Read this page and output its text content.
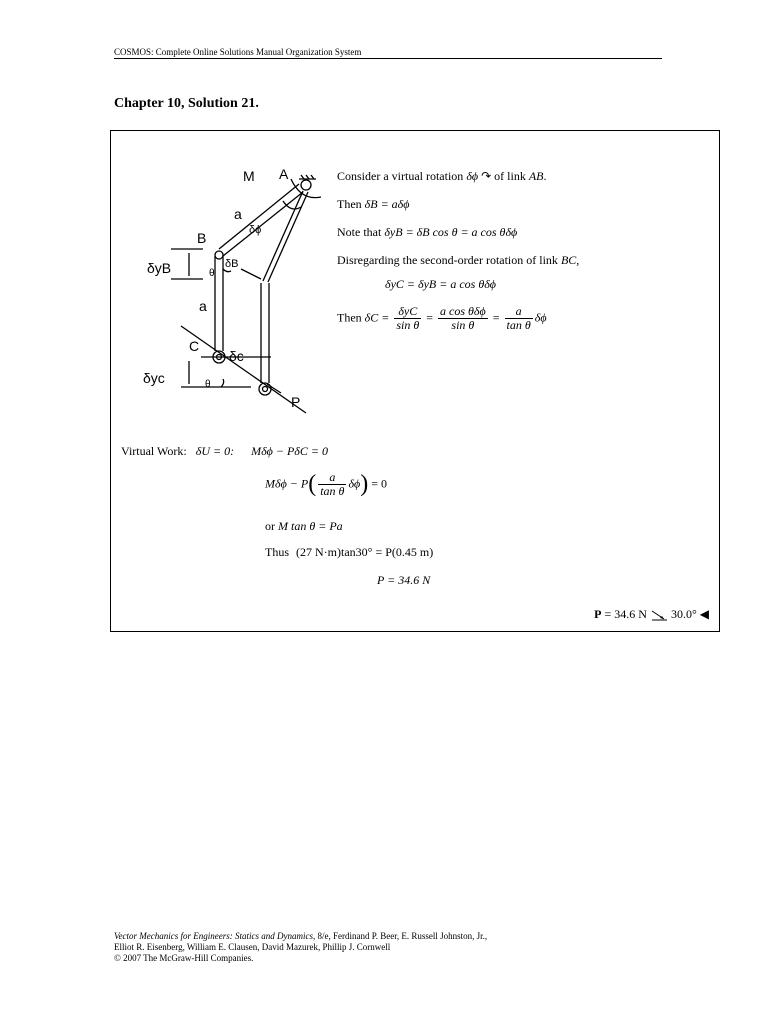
COSMOS: Complete Online Solutions Manual Organization System
Chapter 10, Solution 21.
M A
a
δϕ
B
δB
δyB	θ
a
C
δc
δyc	θ
P
Consider a virtual rotation δϕ ↷ of link AB.
Then δB = aδϕ
Note that δyB = δB cos θ = a cos θδϕ
Disregarding the second-order rotation of link BC,
δyC = δyB = a cos θδϕ
Then $\delta C = \frac{\text{δyC}}{\text{sin θ}} = \frac{\text{a cos θδϕ}}{\text{sin θ}} = \frac{a}{\text{tan θ}}$ δϕ
Virtual Work: δU = 0: Mδϕ − PδC = 0
$M\delta\phi - P( \frac{a}{\text{tan θ}} \delta\phi) = 0$
or M tan θ = Pa
Thus (27 N·m)tan30° = P(0.45 m)
P = 34.6 N
P = 34.6 N 30.0° ◀
Vector Mechanics for Engineers: Statics and Dynamics, 8/e, Ferdinand P. Beer, E. Russell Johnston, Jr.,
Elliot R. Eisenberg, William E. Clausen, David Mazurek, Phillip J. Cornwell
© 2007 The McGraw-Hill Companies.
